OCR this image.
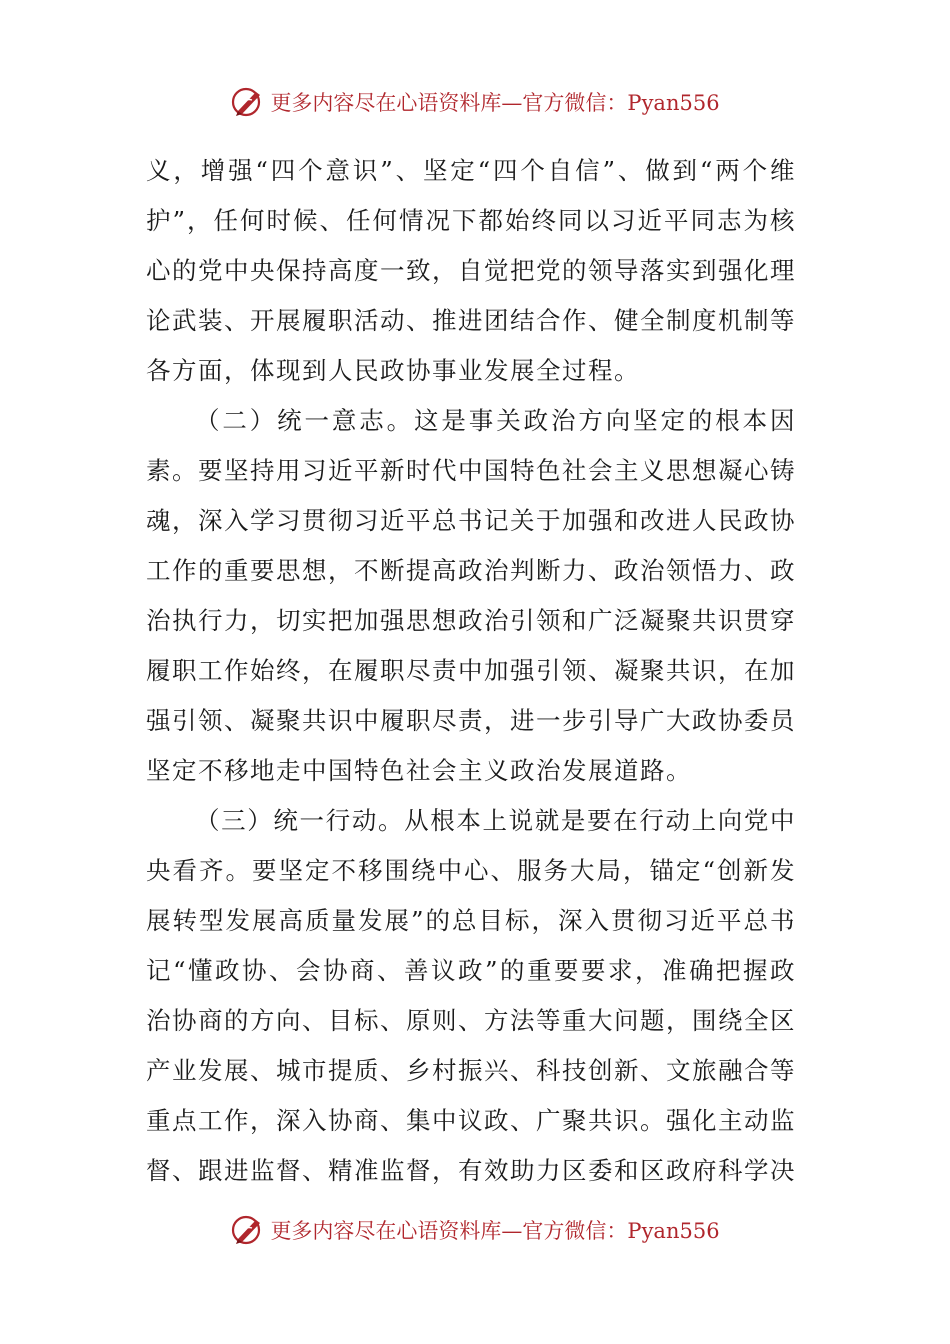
更多内容尽在心语资料库—官方微信：Pyan556

义，增强“四个意识”、坚定“四个自信”、做到“两个维护”，任何时候、任何情况下都始终同以习近平同志为核心的党中央保持高度一致，自觉把党的领导落实到强化理论武装、开展履职活动、推进团结合作、健全制度机制等各方面，体现到人民政协事业发展全过程。

（二）统一意志。这是事关政治方向坚定的根本因素。要坚持用习近平新时代中国特色社会主义思想凝心铸魂，深入学习贯彻习近平总书记关于加强和改进人民政协工作的重要思想，不断提高政治判断力、政治领悟力、政治执行力，切实把加强思想政治引领和广泛凝聚共识贯穿履职工作始终，在履职尽责中加强引领、凝聚共识，在加强引领、凝聚共识中履职尽责，进一步引导广大政协委员坚定不移地走中国特色社会主义政治发展道路。

（三）统一行动。从根本上说就是要在行动上向党中央看齐。要坚定不移围绕中心、服务大局，锚定“创新发展转型发展高质量发展”的总目标，深入贯彻习近平总书记“懂政协、会协商、善议政”的重要要求，准确把握政治协商的方向、目标、原则、方法等重大问题，围绕全区产业发展、城市提质、乡村振兴、科技创新、文旅融合等重点工作，深入协商、集中议政、广聚共识。强化主动监督、跟进监督、精准监督，有效助力区委和区政府科学决

更多内容尽在心语资料库—官方微信：Pyan556
